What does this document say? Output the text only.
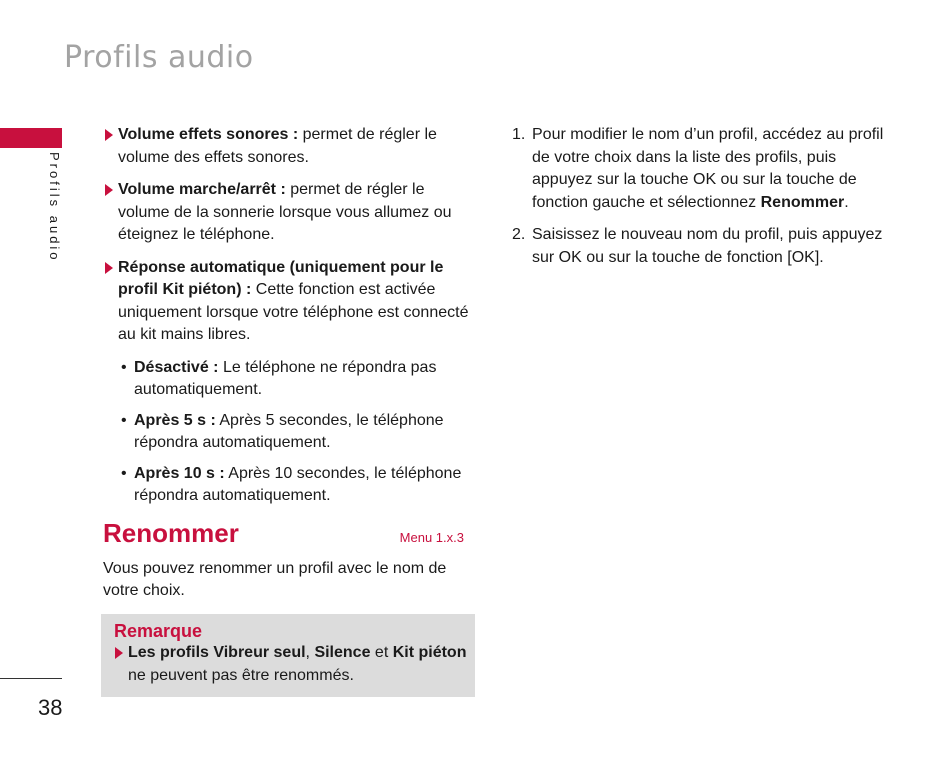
Profils audio
Profils audio
Volume effets sonores : permet de régler le volume des effets sonores.
Volume marche/arrêt : permet de régler le volume de la sonnerie lorsque vous allumez ou éteignez le téléphone.
Réponse automatique (uniquement pour le profil Kit piéton) : Cette fonction est activée uniquement lorsque votre téléphone est connecté au kit mains libres.
• Désactivé : Le téléphone ne répondra pas automatiquement.
• Après 5 s : Après 5 secondes, le téléphone répondra automatiquement.
• Après 10 s : Après 10 secondes, le téléphone répondra automatiquement.
Renommer	Menu 1.x.3
Vous pouvez renommer un profil avec le nom de votre choix.
Remarque
Les profils Vibreur seul, Silence et Kit piéton ne peuvent pas être renommés.
1. Pour modifier le nom d’un profil, accédez au profil de votre choix dans la liste des profils, puis appuyez sur la touche OK ou sur la touche de fonction gauche et sélectionnez Renommer.
2. Saisissez le nouveau nom du profil, puis appuyez sur OK ou sur la touche de fonction [OK].
38
